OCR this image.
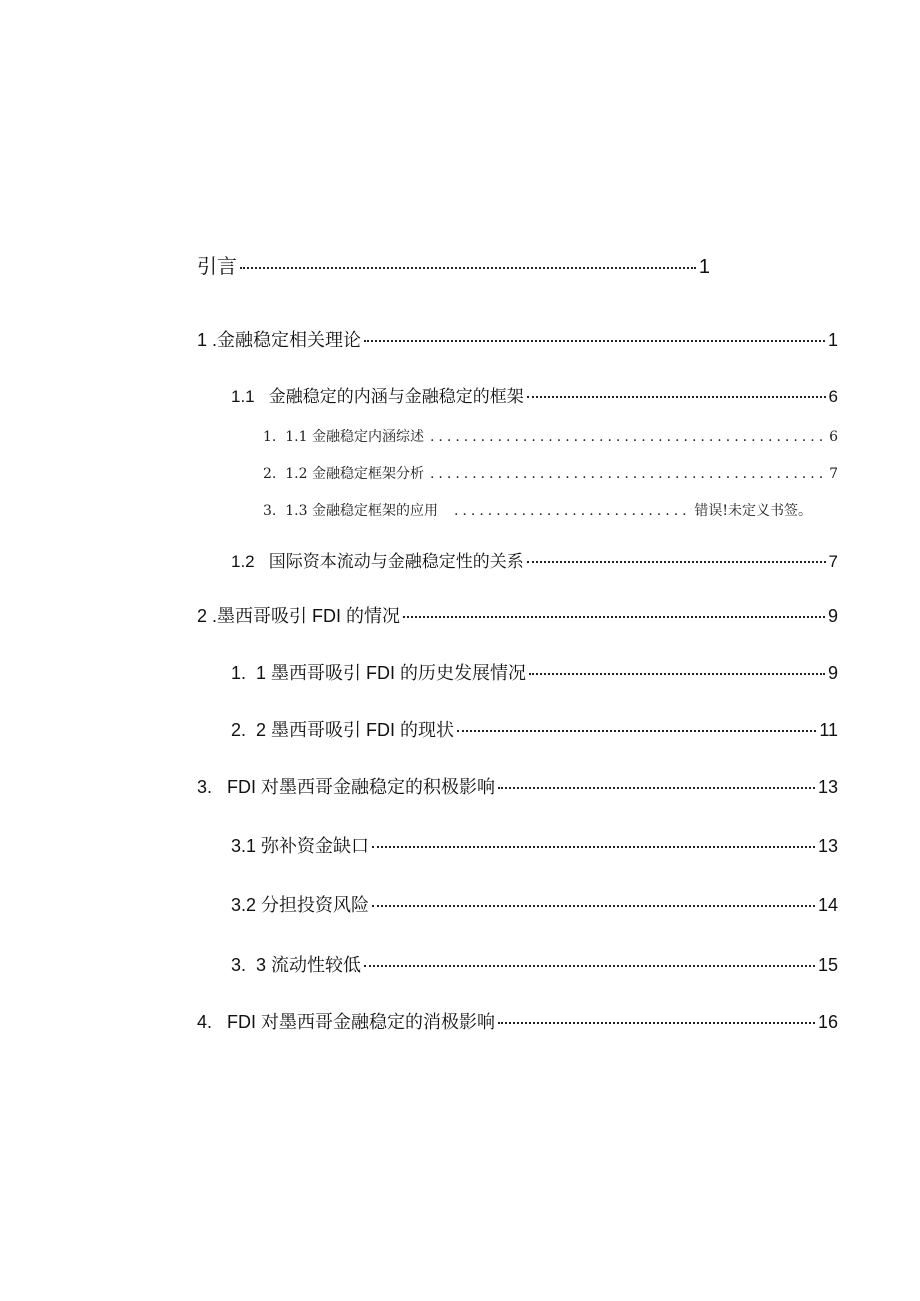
引言	1
1 .金融稳定相关理论	1
1.1   金融稳定的内涵与金融稳定的框架	6
1.  1.1 金融稳定内涵综述 .....	6
2.  1.2 金融稳定框架分析 .....	7
3.  1.3 金融稳定框架的应用 .....	错误!未定义书签。
1.2   国际资本流动与金融稳定性的关系	7
2 .墨西哥吸引 FDI 的情况	9
1.  1 墨西哥吸引 FDI 的历史发展情况	9
2.  2 墨西哥吸引 FDI 的现状	11
3.   FDI 对墨西哥金融稳定的积极影响	13
3.1 弥补资金缺口	13
3.2 分担投资风险	14
3.  3 流动性较低	15
4.   FDI 对墨西哥金融稳定的消极影响	16
